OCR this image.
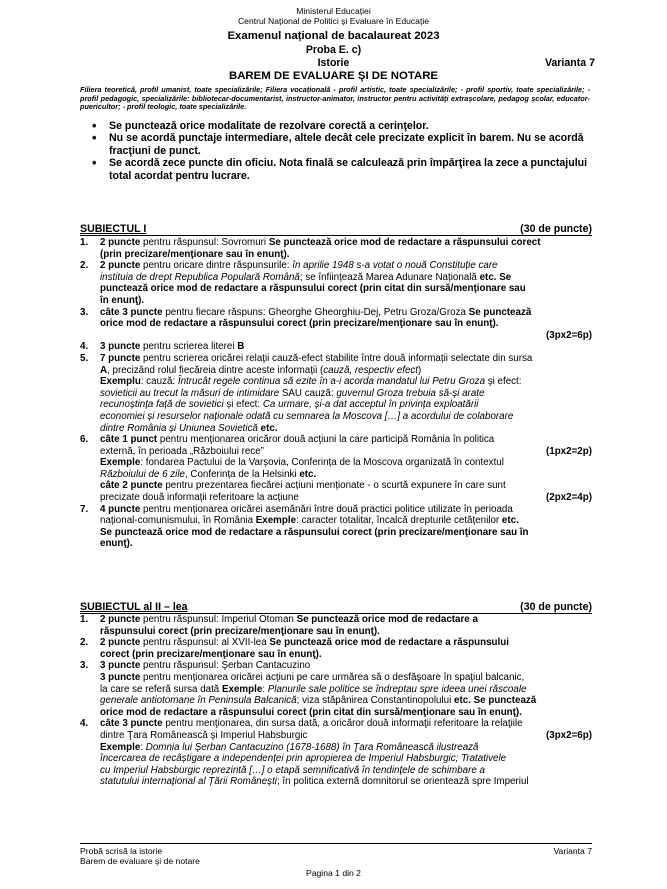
Ministerul Educației
Centrul Național de Politici și Evaluare în Educație
Examenul național de bacalaureat 2023
Proba E. c)
Istorie	Varianta 7
BAREM DE EVALUARE ŞI DE NOTARE
Filiera teoretică, profil umanist, toate specializările; Filiera vocațională - profil artistic, toate specializările; - profil sportiv, toate specializările; - profil pedagogic, specializările: bibliotecar-documentarist, instructor-animator, instructor pentru activităţi extraşcolare, pedagog şcolar, educator-puericultor; - profil teologic, toate specializările.
• Se punctează orice modalitate de rezolvare corectă a cerinţelor.
• Nu se acordă punctaje intermediare, altele decât cele precizate explicit în barem. Nu se acordă fracţiuni de punct.
• Se acordă zece puncte din oficiu. Nota finală se calculează prin împărţirea la zece a punctajului total acordat pentru lucrare.
SUBIECTUL I	(30 de puncte)
1. 2 puncte pentru răspunsul: Sovromuri Se punctează orice mod de redactare a răspunsului corect
(prin precizare/menţionare sau în enunţ).
2. 2 puncte pentru oricare dintre răspunsurile: în aprilie 1948 s-a votat o nouă Constituție care
instituia de drept Republica Populară Română; se înființează Marea Adunare Națională etc. Se
punctează orice mod de redactare a răspunsului corect (prin citat din sursă/menţionare sau
în enunţ).
3. câte 3 puncte pentru fiecare răspuns: Gheorghe Gheorghiu-Dej, Petru Groza/Groza Se punctează
orice mod de redactare a răspunsului corect (prin precizare/menţionare sau în enunţ).
(3px2=6p)
4. 3 puncte pentru scrierea literei B
5. 7 puncte pentru scrierea oricărei relaţii cauză-efect stabilite între două informații selectate din sursa
A, precizând rolul fiecăreia dintre aceste informații (cauză, respectiv efect)
Exemplu: cauză: Întrucât regele continua să ezite în a-i acorda mandatul lui Petru Groza şi efect:
sovieticii au trecut la măsuri de intimidare SAU cauză: guvernul Groza trebuia să-și arate
recunoștința față de sovietici și efect: Ca urmare, și-a dat acceptul în privința exploatării
economiei și resurselor naționale odată cu semnarea la Moscova […] a acordului de colaborare
dintre România și Uniunea Sovietică etc.
6. câte 1 punct pentru menţionarea oricăror două acţiuni la care participă România în politica
externă, în perioada „Războiului rece”	(1px2=2p)
Exemple: fondarea Pactului de la Varșovia, Conferința de la Moscova organizată în contextul
Războiului de 6 zile, Conferința de la Helsinki etc.
câte 2 puncte pentru prezentarea fiecărei acțiuni menționate - o scurtă expunere în care sunt
precizate două informații referitoare la acțiune	(2px2=4p)
7. 4 puncte pentru menționarea oricărei asemănări între două practici politice utilizate în perioada
național-comunismului, în România Exemple: caracter totalitar, încalcă drepturile cetățenilor etc.
Se punctează orice mod de redactare a răspunsului corect (prin precizare/menţionare sau în
enunţ).
SUBIECTUL al II – lea	(30 de puncte)
1. 2 puncte pentru răspunsul: Imperiul Otoman Se punctează orice mod de redactare a
răspunsului corect (prin precizare/menţionare sau în enunţ).
2. 2 puncte pentru răspunsul: al XVII-lea Se punctează orice mod de redactare a răspunsului
corect (prin precizare/menţionare sau în enunţ).
3. 3 puncte pentru răspunsul: Şerban Cantacuzino
3 puncte pentru menţionarea oricărei acţiuni pe care urmărea să o desfăşoare în spaţiul balcanic,
la care se referă sursa dată Exemple: Planurile sale politice se îndreptau spre ideea unei răscoale
generale antiotomane în Peninsula Balcanică; viza stăpânirea Constantinopolului etc. Se punctează
orice mod de redactare a răspunsului corect (prin citat din sursă/menţionare sau în enunţ).
4. câte 3 puncte pentru menţionarea, din sursa dată, a oricăror două informaţii referitoare la relaţiile
dintre Ţara Românească şi Imperiul Habsburgic	(3px2=6p)
Exemple: Domnia lui Şerban Cantacuzino (1678-1688) în Ţara Românească ilustrează
încercarea de recâștigare a independenței prin apropierea de Imperiul Habsburgic; Tratativele
cu Imperiul Habsburgic reprezintă […] o etapă semnificativă în tendințele de schimbare a
statutului internațional al Țării Românești; în politica externă domnitorul se orientează spre Imperiul
Probă scrisă la istorie
Barem de evaluare şi de notare
Varianta 7
Pagina 1 din 2
